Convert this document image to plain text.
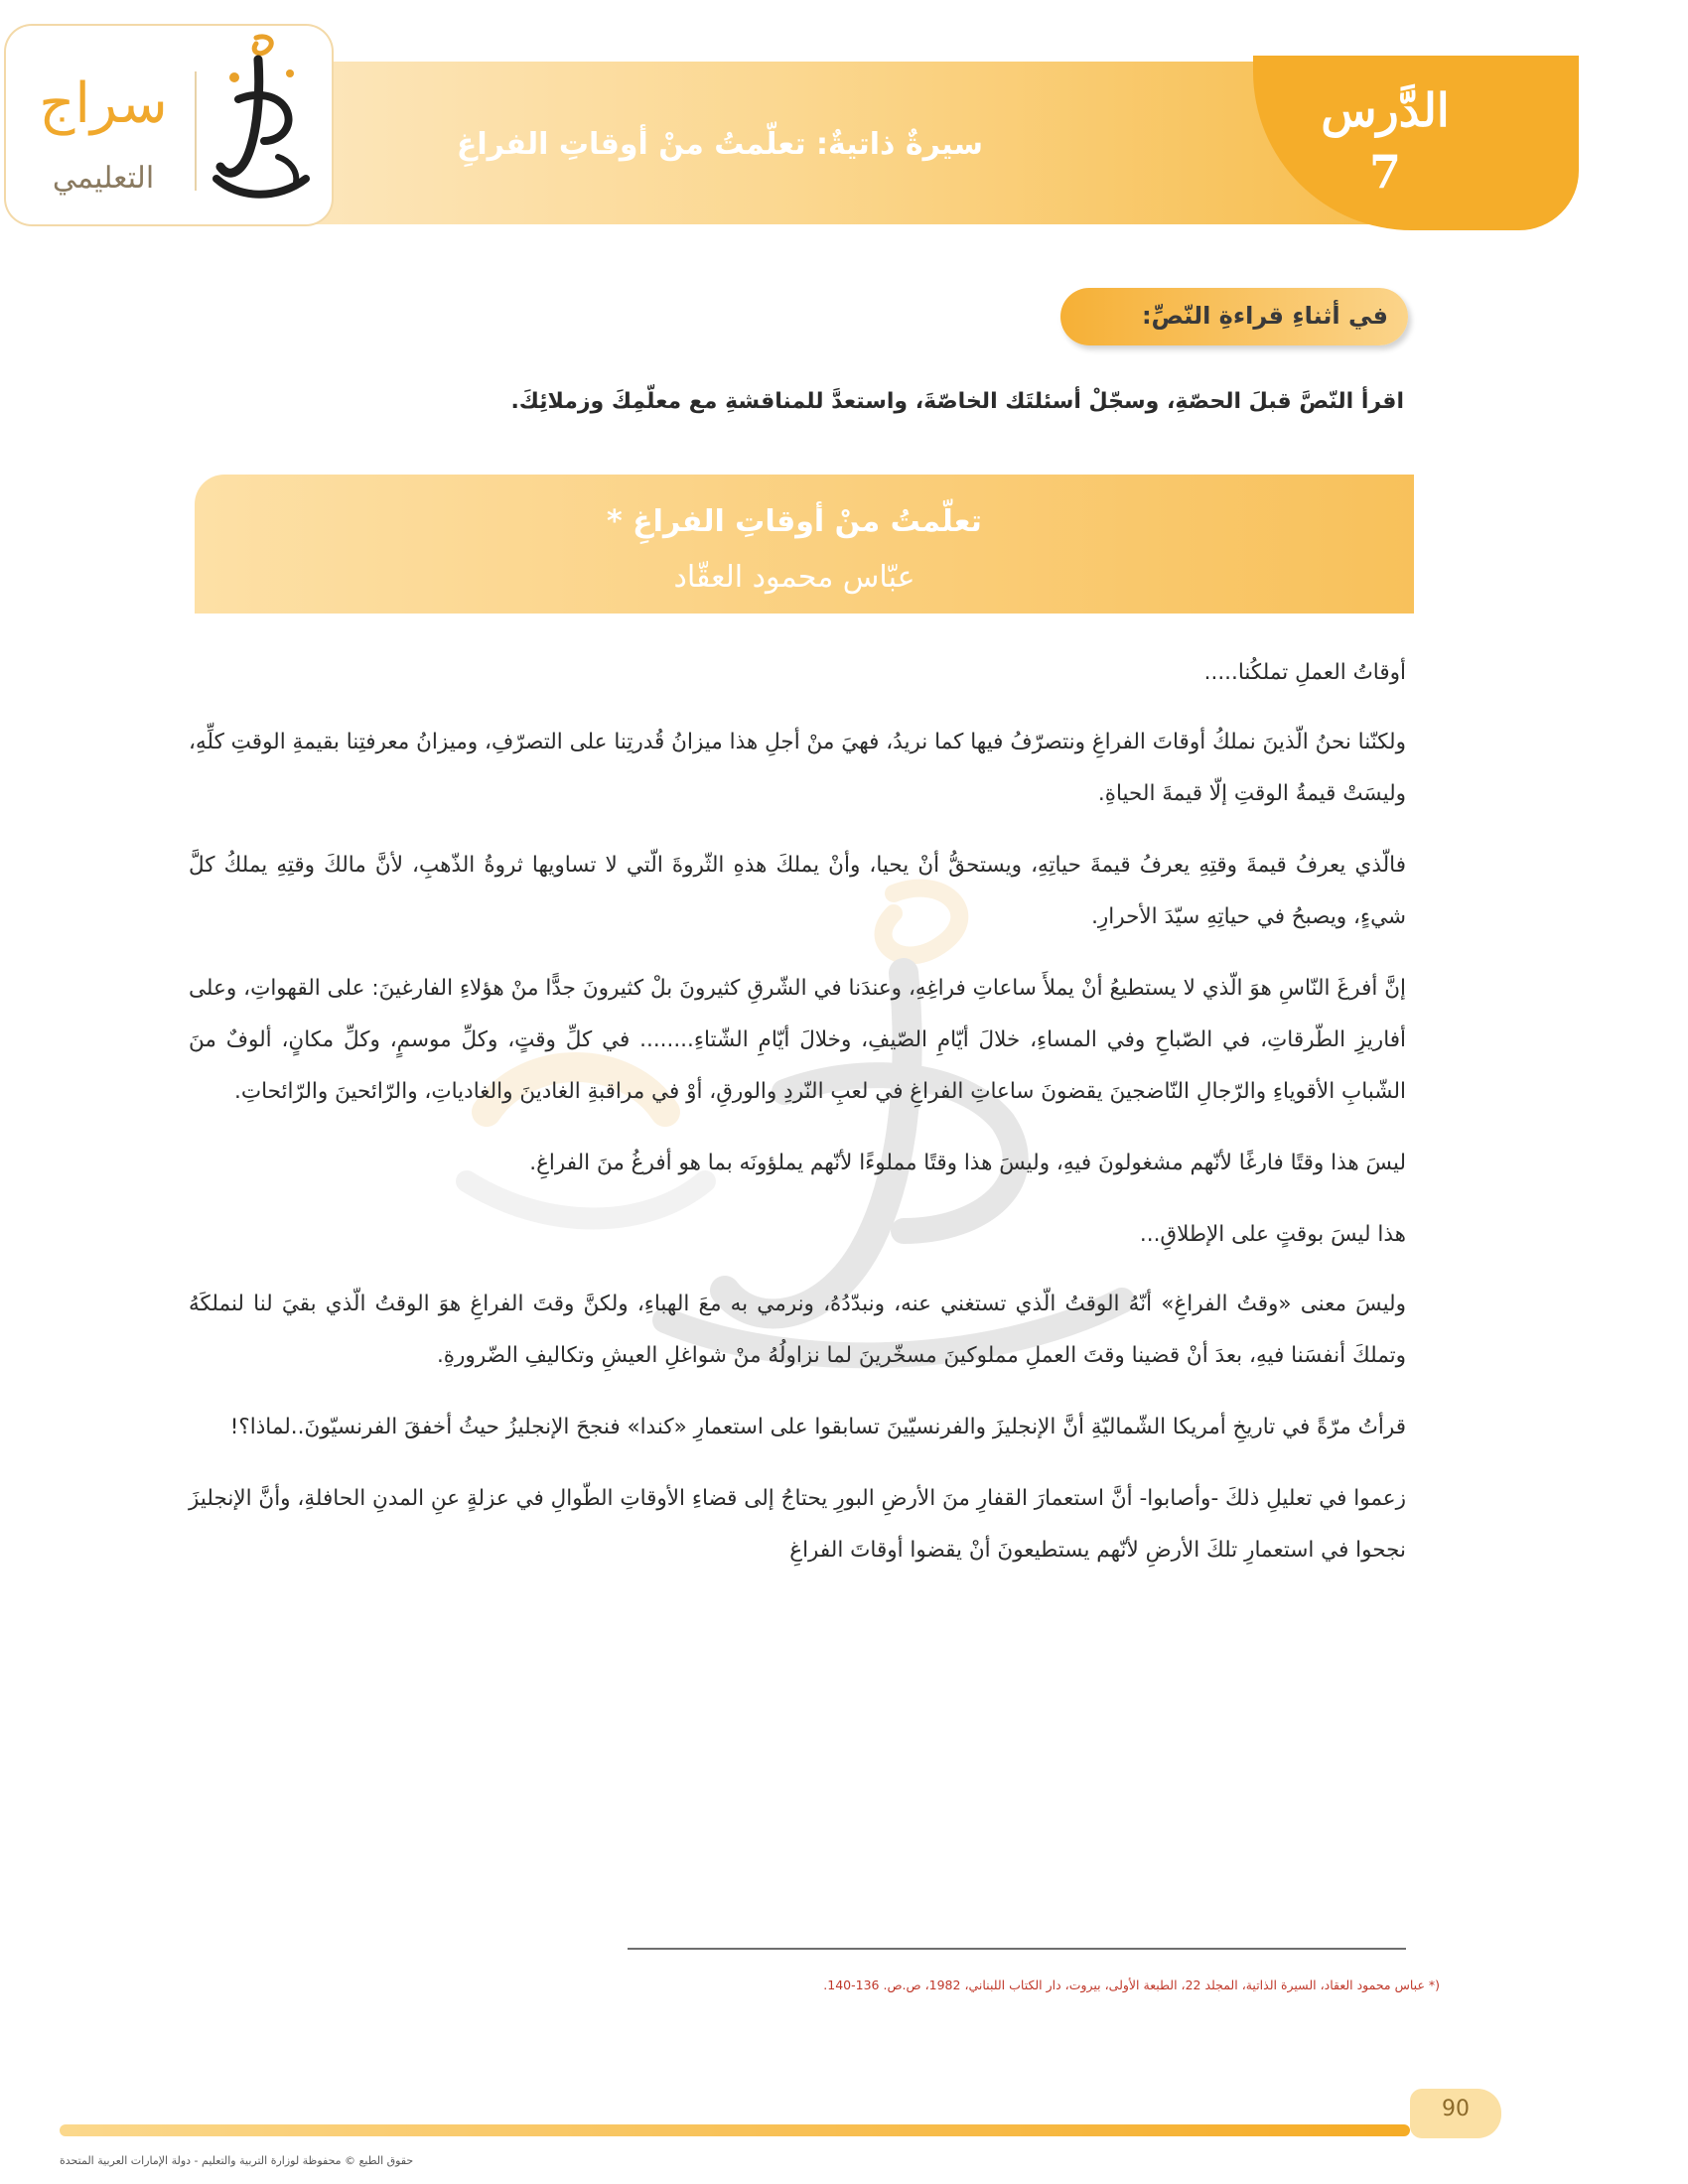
سيرةٌ ذاتيةٌ: تعلّمتُ منْ أوقاتِ الفراغِ
الدَّرس
7
سراج
التعليمي
في أثناءِ قراءةِ النّصِّ:
اقرأ النّصَّ قبلَ الحصّةِ، وسجّلْ أسئلتَك الخاصّةَ، واستعدَّ للمناقشةِ مع معلّمِكَ وزملائِكَ.
تعلّمتُ منْ أوقاتِ الفراغِ *
عبّاس محمود العقّاد

أوقاتُ العملِ تملكُنا.....

ولكنّنا نحنُ الّذينَ نملكُ أوقاتَ الفراغِ ونتصرّفُ فيها كما نريدُ، فهيَ منْ أجلِ هذا ميزانُ قُدرتِنا على التصرّفِ، وميزانُ معرفتِنا بقيمةِ الوقتِ كلِّهِ، وليسَتْ قيمةُ الوقتِ إلّا قيمةَ الحياةِ.

فالّذي يعرفُ قيمةَ وقتِهِ يعرفُ قيمةَ حياتِهِ، ويستحقُّ أنْ يحيا، وأنْ يملكَ هذهِ الثّروةَ الّتي لا تساويها ثروةُ الذّهبِ، لأنَّ مالكَ وقتِهِ يملكُ كلَّ شيءٍ، ويصبحُ في حياتِهِ سيّدَ الأحرارِ.

إنَّ أفرغَ النّاسِ هوَ الّذي لا يستطيعُ أنْ يملأَ ساعاتِ فراغِهِ، وعندَنا في الشّرقِ كثيرونَ بلْ كثيرونَ جدًّا منْ هؤلاءِ الفارغينَ: على القهواتِ، وعلى أفاريزِ الطّرقاتِ، في الصّباحِ وفي المساءِ، خلالَ أيّامِ الصّيفِ، وخلالَ أيّامِ الشّتاءِ........ في كلِّ وقتٍ، وكلِّ موسمٍ، وكلِّ مكانٍ، ألوفٌ منَ الشّبابِ الأقوياءِ والرّجالِ النّاضجينَ يقضونَ ساعاتِ الفراغِ في لعبِ النّردِ والورقِ، أوْ في مراقبةِ الغادينَ والغادياتِ، والرّائحينَ والرّائحاتِ.

ليسَ هذا وقتًا فارغًا لأنّهم مشغولونَ فيهِ، وليسَ هذا وقتًا مملوءًا لأنّهم يملؤونَه بما هو أفرغُ منَ الفراغِ.

هذا ليسَ بوقتٍ على الإطلاقِ...

وليسَ معنى «وقتُ الفراغِ» أنّهُ الوقتُ الّذي تستغني عنه، ونبدّدُهُ، ونرمي به معَ الهباءِ، ولكنَّ وقتَ الفراغِ هوَ الوقتُ الّذي بقيَ لنا لنملكَهُ وتملكَ أنفسَنا فيهِ، بعدَ أنْ قضينا وقتَ العملِ مملوكينَ مسخّرينَ لما نزاولُهُ منْ شواغلِ العيشِ وتكاليفِ الضّرورةِ.

قرأتُ مرّةً في تاريخِ أمريكا الشّماليّةِ أنَّ الإنجليزَ والفرنسيّينَ تسابقوا على استعمارِ «كندا» فنجحَ الإنجليزُ حيثُ أخفقَ الفرنسيّونَ..لماذا؟!

زعموا في تعليلِ ذلكَ -وأصابوا- أنَّ استعمارَ القفارِ منَ الأرضِ البورِ يحتاجُ إلى قضاءِ الأوقاتِ الطّوالِ في عزلةٍ عنِ المدنِ الحافلةِ، وأنَّ الإنجليزَ نجحوا في استعمارِ تلكَ الأرضِ لأنّهم يستطيعونَ أنْ يقضوا أوقاتَ الفراغِ

(* عباس محمود العقاد، السيرة الذاتية، المجلد 22، الطبعة الأولى، بيروت، دار الكتاب اللبناني، 1982، ص.ص. 136-140.
90
حقوق الطبع © محفوظة لوزارة التربية والتعليم - دولة الإمارات العربية المتحدة
